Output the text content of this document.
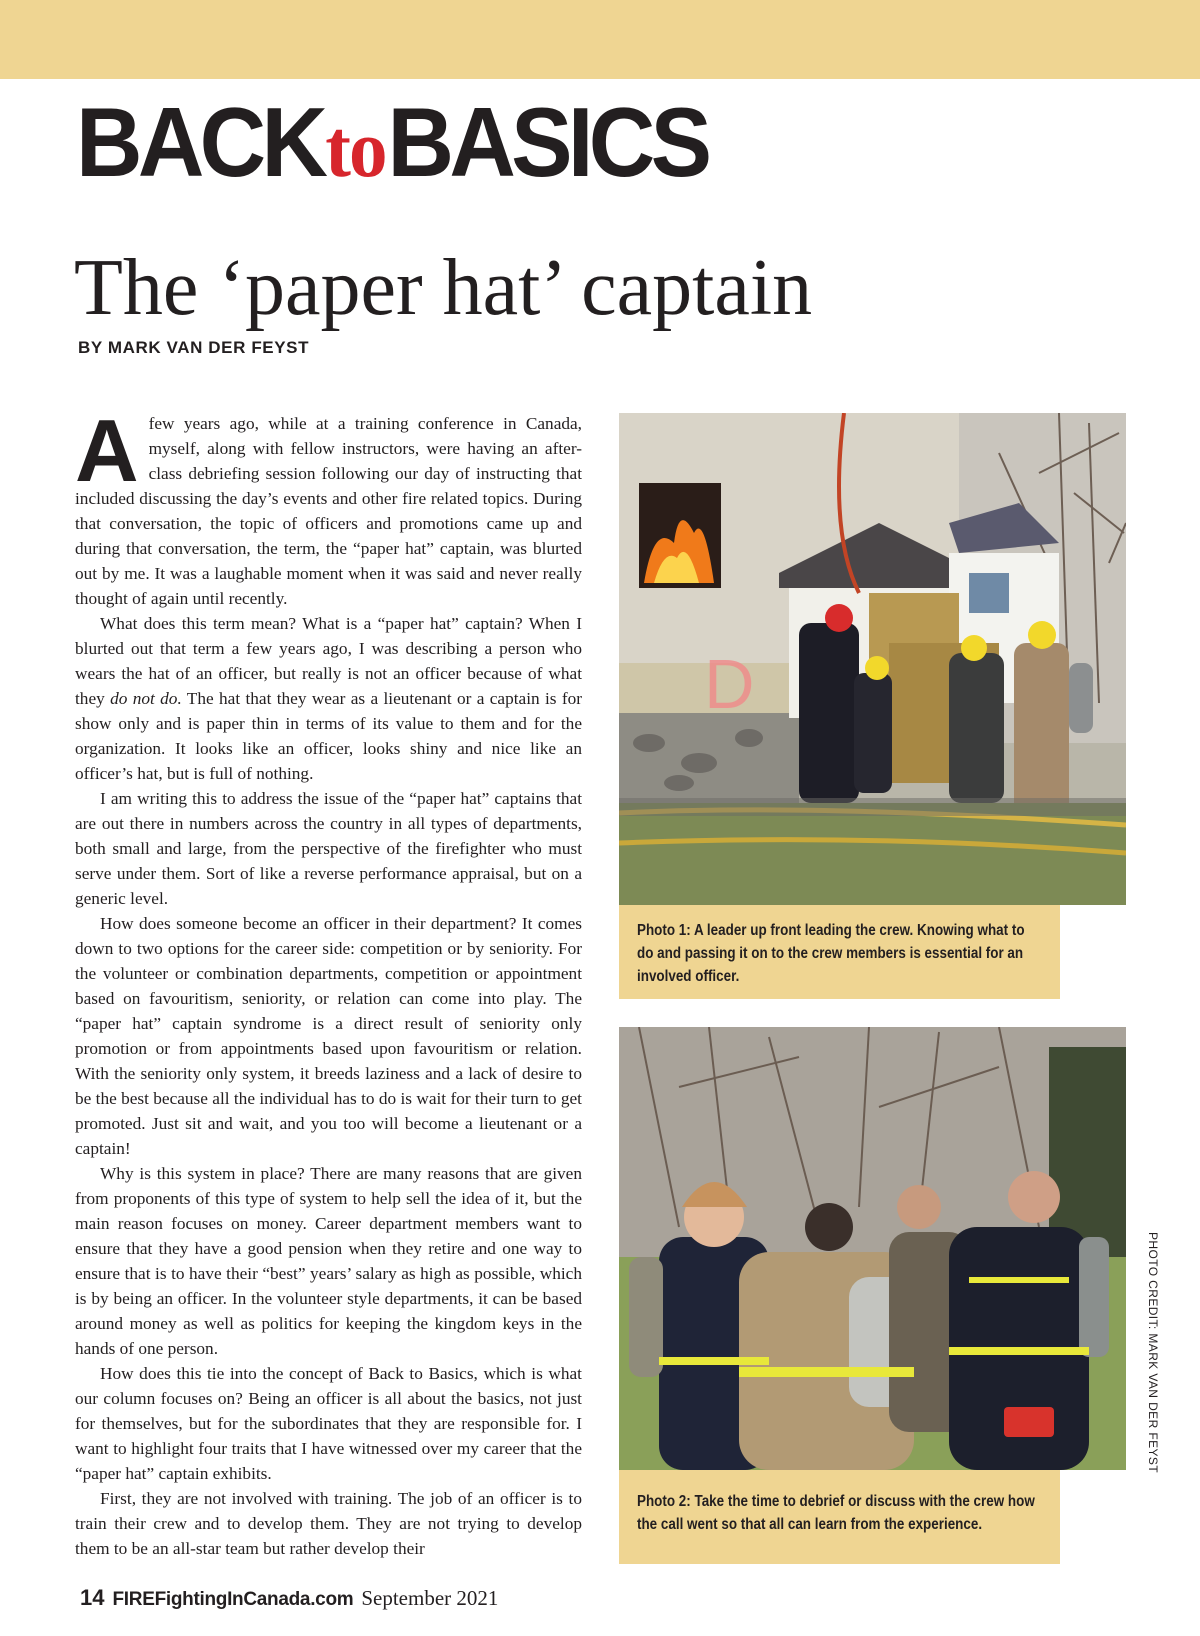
BACKtoBASICS
The ‘paper hat’ captain
BY MARK VAN DER FEYST

Afew years ago, while at a training conference in Canada, myself, along with fellow instructors, were having an after-class debriefing session following our day of instructing that included discussing the day’s events and other fire related topics. During that conversation, the topic of officers and promotions came up and during that conversation, the term, the “paper hat” captain, was blurted out by me. It was a laughable moment when it was said and never really thought of again until recently.

What does this term mean? What is a “paper hat” captain? When I blurted out that term a few years ago, I was describing a person who wears the hat of an officer, but really is not an officer because of what they do not do. The hat that they wear as a lieutenant or a captain is for show only and is paper thin in terms of its value to them and for the organization. It looks like an officer, looks shiny and nice like an officer’s hat, but is full of nothing.

I am writing this to address the issue of the “paper hat” captains that are out there in numbers across the country in all types of departments, both small and large, from the perspective of the firefighter who must serve under them. Sort of like a reverse performance appraisal, but on a generic level.

How does someone become an officer in their department? It comes down to two options for the career side: competition or by seniority. For the volunteer or combination departments, competition or appointment based on favouritism, seniority, or relation can come into play. The “paper hat” captain syndrome is a direct result of seniority only promotion or from appointments based upon favouritism or relation. With the seniority only system, it breeds laziness and a lack of desire to be the best because all the individual has to do is wait for their turn to get promoted. Just sit and wait, and you too will become a lieutenant or a captain!

Why is this system in place? There are many reasons that are given from proponents of this type of system to help sell the idea of it, but the main reason focuses on money. Career department members want to ensure that they have a good pension when they retire and one way to ensure that is to have their “best” years’ salary as high as possible, which is by being an officer. In the volunteer style departments, it can be based around money as well as politics for keeping the kingdom keys in the hands of one person.

How does this tie into the concept of Back to Basics, which is what our column focuses on? Being an officer is all about the basics, not just for themselves, but for the subordinates that they are responsible for. I want to highlight four traits that I have witnessed over my career that the “paper hat” captain exhibits.

First, they are not involved with training. The job of an officer is to train their crew and to develop them. They are not trying to develop them to be an all-star team but rather develop their

D
Photo 1: A leader up front leading the crew. Knowing what to do and passing it on to the crew members is essential for an involved officer.
Photo 2: Take the time to debrief or discuss with the crew how the call went so that all can learn from the experience.
PHOTO CREDIT: MARK VAN DER FEYST
14 FIREFightingInCanada.com September 2021
